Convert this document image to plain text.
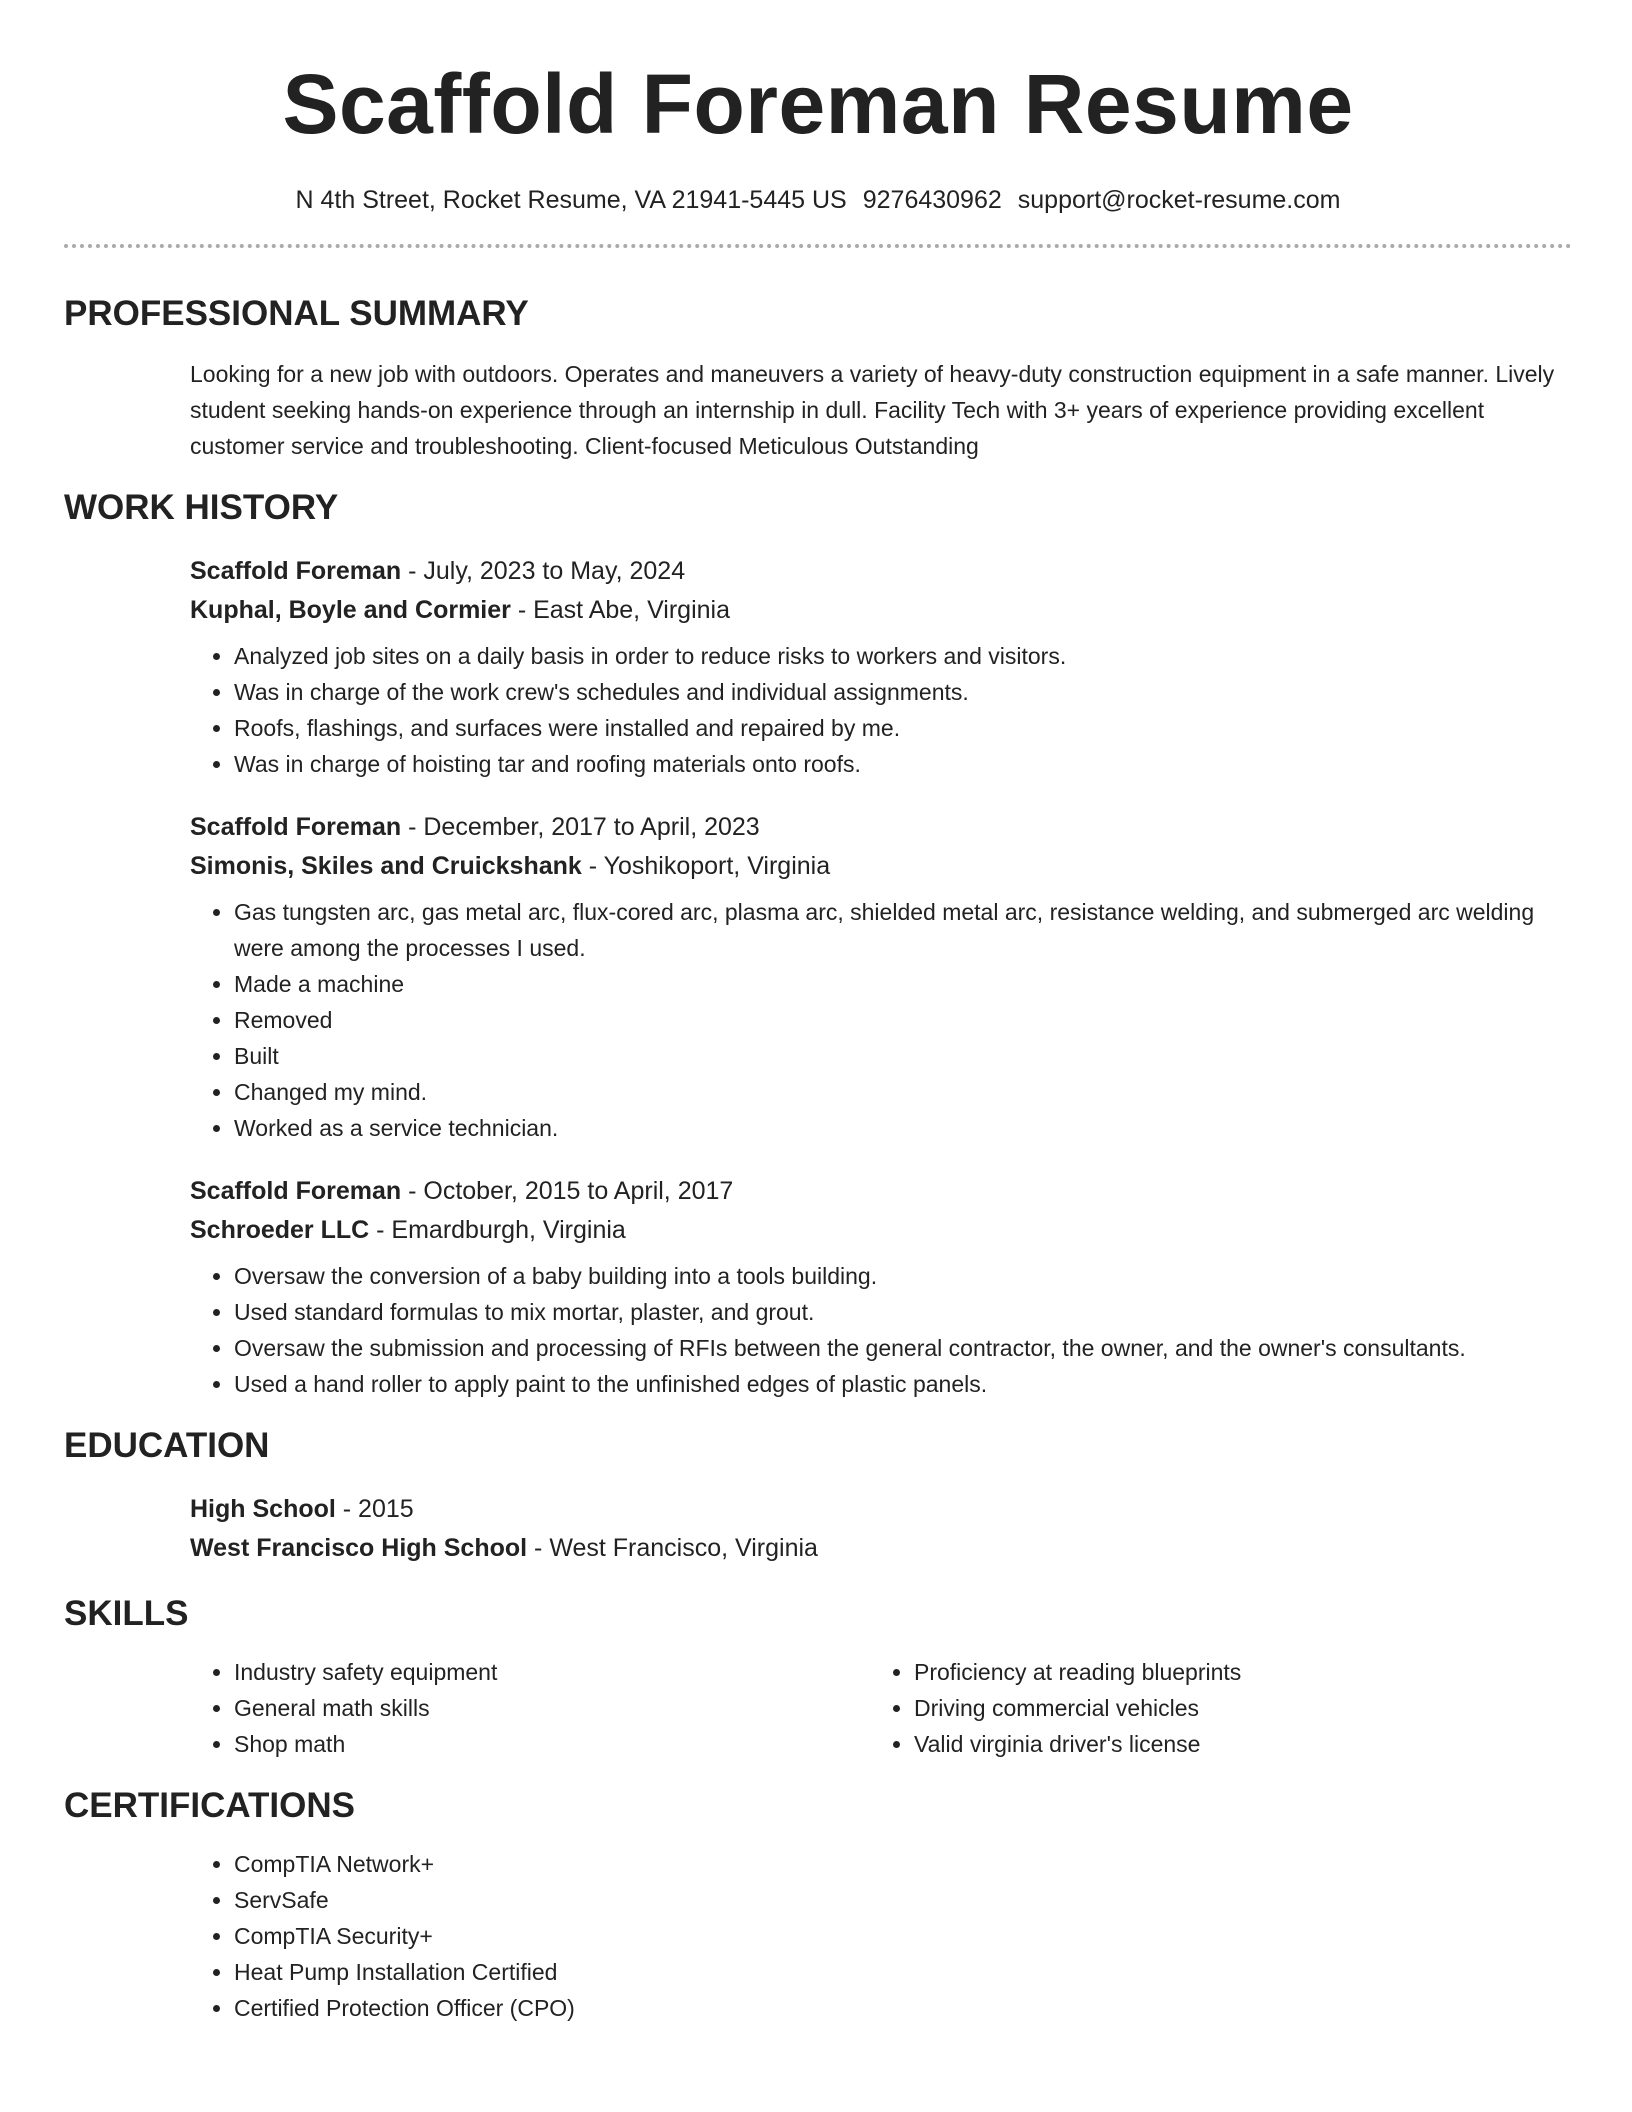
Scaffold Foreman Resume
N 4th Street, Rocket Resume, VA 21941-5445 US 9276430962 support@rocket-resume.com
PROFESSIONAL SUMMARY

Looking for a new job with outdoors. Operates and maneuvers a variety of heavy-duty construction equipment in a safe manner. Lively student seeking hands-on experience through an internship in dull. Facility Tech with 3+ years of experience providing excellent customer service and troubleshooting. Client-focused Meticulous Outstanding

WORK HISTORY

Scaffold Foreman - July, 2023 to May, 2024

Kuphal, Boyle and Cormier - East Abe, Virginia

• Analyzed job sites on a daily basis in order to reduce risks to workers and visitors.
• Was in charge of the work crew's schedules and individual assignments.
• Roofs, flashings, and surfaces were installed and repaired by me.
• Was in charge of hoisting tar and roofing materials onto roofs.

Scaffold Foreman - December, 2017 to April, 2023

Simonis, Skiles and Cruickshank - Yoshikoport, Virginia

• Gas tungsten arc, gas metal arc, flux-cored arc, plasma arc, shielded metal arc, resistance welding, and submerged arc welding were among the processes I used.
• Made a machine
• Removed
• Built
• Changed my mind.
• Worked as a service technician.

Scaffold Foreman - October, 2015 to April, 2017

Schroeder LLC - Emardburgh, Virginia

• Oversaw the conversion of a baby building into a tools building.
• Used standard formulas to mix mortar, plaster, and grout.
• Oversaw the submission and processing of RFIs between the general contractor, the owner, and the owner's consultants.
• Used a hand roller to apply paint to the unfinished edges of plastic panels.
EDUCATION

High School - 2015

West Francisco High School - West Francisco, Virginia

SKILLS
• Industry safety equipment
• General math skills
• Shop math
• Proficiency at reading blueprints
• Driving commercial vehicles
• Valid virginia driver's license
CERTIFICATIONS
• CompTIA Network+
• ServSafe
• CompTIA Security+
• Heat Pump Installation Certified
• Certified Protection Officer (CPO)
